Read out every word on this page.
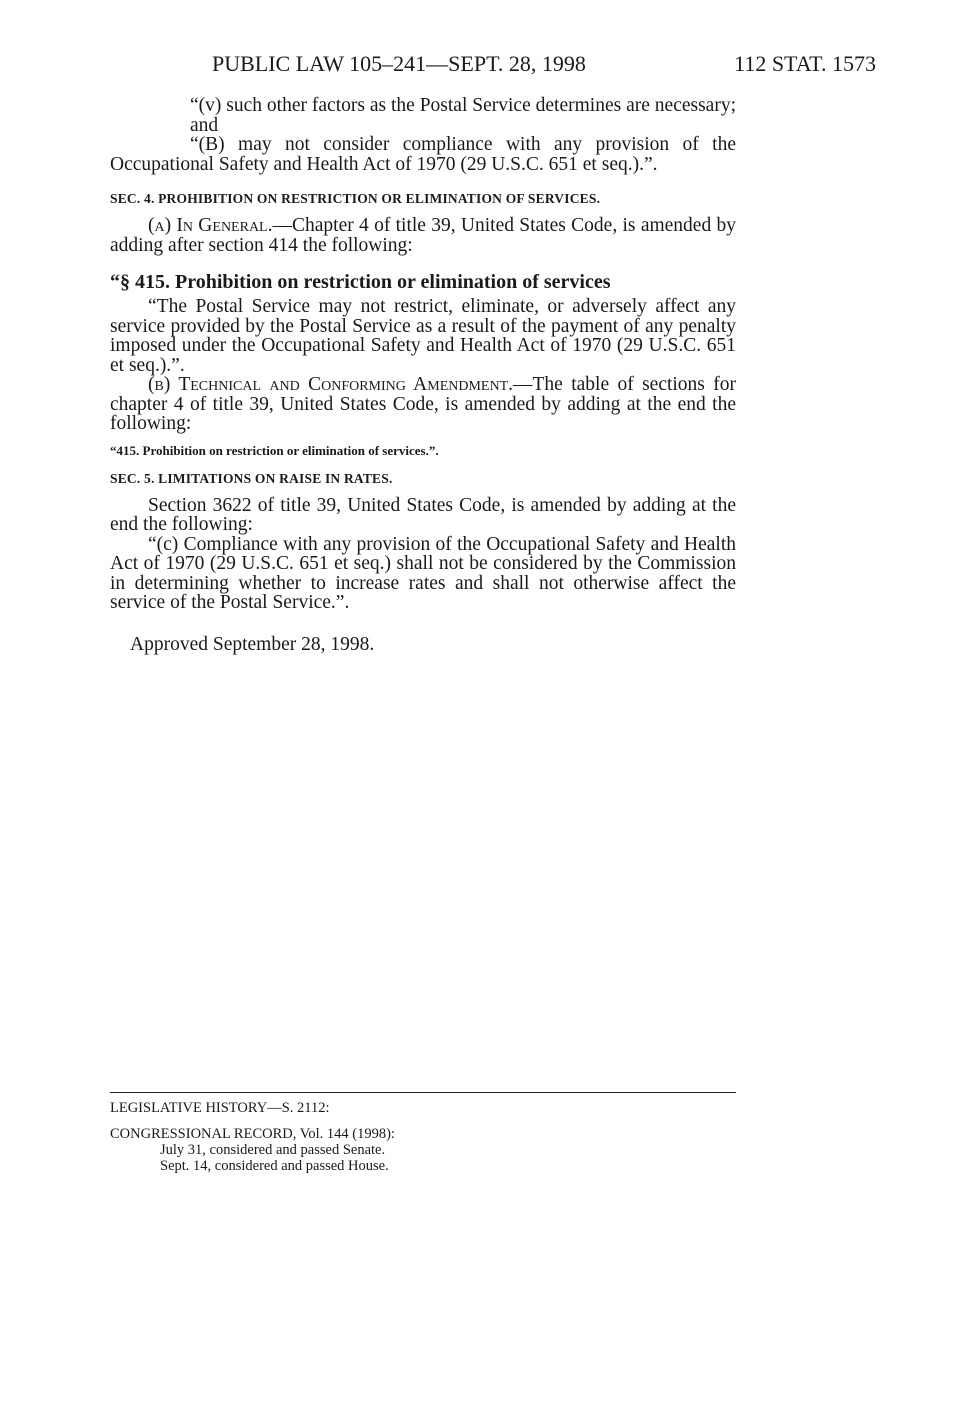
PUBLIC LAW 105–241—SEPT. 28, 1998	112 STAT. 1573

“(v) such other factors as the Postal Service determines are necessary; and

“(B) may not consider compliance with any provision of the Occupational Safety and Health Act of 1970 (29 U.S.C. 651 et seq.).”.

SEC. 4. PROHIBITION ON RESTRICTION OR ELIMINATION OF SERVICES.

(a) In General.—Chapter 4 of title 39, United States Code, is amended by adding after section 414 the following:

“§ 415. Prohibition on restriction or elimination of services

“The Postal Service may not restrict, eliminate, or adversely affect any service provided by the Postal Service as a result of the payment of any penalty imposed under the Occupational Safety and Health Act of 1970 (29 U.S.C. 651 et seq.).”.

(b) Technical and Conforming Amendment.—The table of sections for chapter 4 of title 39, United States Code, is amended by adding at the end the following:

“415. Prohibition on restriction or elimination of services.”.

SEC. 5. LIMITATIONS ON RAISE IN RATES.

Section 3622 of title 39, United States Code, is amended by adding at the end the following:

“(c) Compliance with any provision of the Occupational Safety and Health Act of 1970 (29 U.S.C. 651 et seq.) shall not be considered by the Commission in determining whether to increase rates and shall not otherwise affect the service of the Postal Service.”.

Approved September 28, 1998.

LEGISLATIVE HISTORY—S. 2112:
CONGRESSIONAL RECORD, Vol. 144 (1998):
July 31, considered and passed Senate.
Sept. 14, considered and passed House.
